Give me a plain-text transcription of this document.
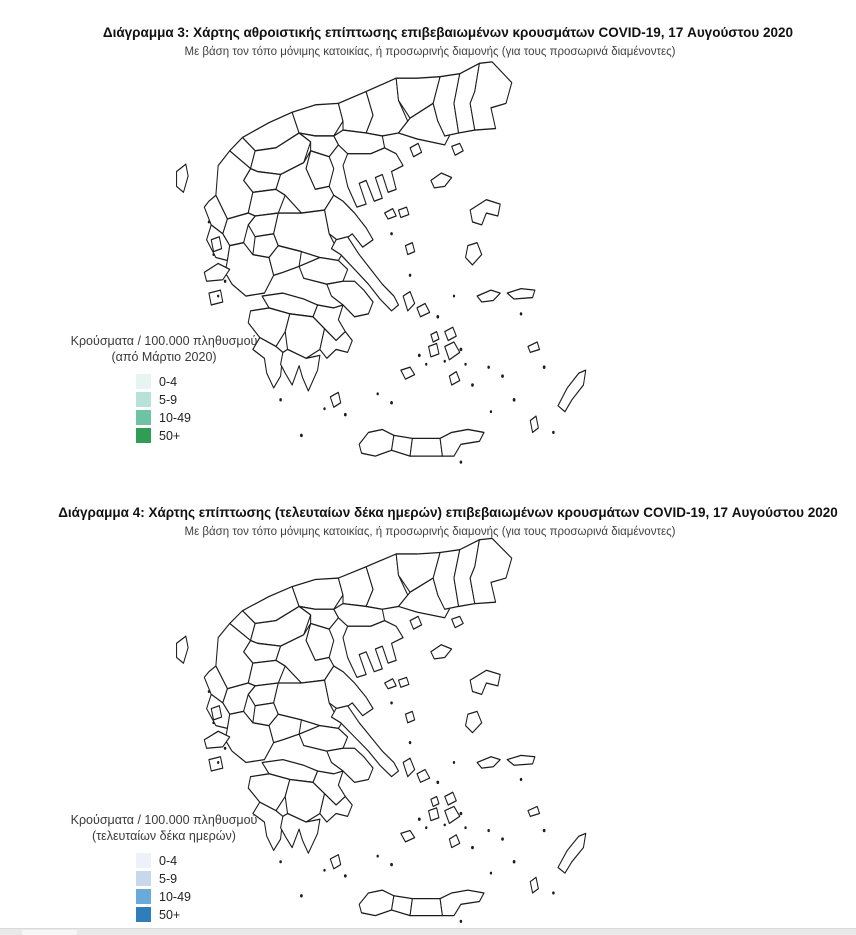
Διάγραμμα 3: Χάρτης αθροιστικής επίπτωσης επιβεβαιωμένων κρουσμάτων COVID-19, 17 Αυγούστου 2020

Με βάση τον τόπο μόνιμης κατοικίας, ή προσωρινής διαμονής (για τους προσωρινά διαμένοντες)

Κρούσματα / 100.000 πληθυσμού
(από Μάρτιο 2020)
0-4
5-9
10-49
50+
Διάγραμμα 4: Χάρτης επίπτωσης (τελευταίων δέκα ημερών) επιβεβαιωμένων κρουσμάτων COVID-19, 17 Αυγούστου 2020

Με βάση τον τόπο μόνιμης κατοικίας, ή προσωρινής διαμονής (για τους προσωρινά διαμένοντες)

Κρούσματα / 100.000 πληθυσμού
(τελευταίων δέκα ημερών)
0-4
5-9
10-49
50+
